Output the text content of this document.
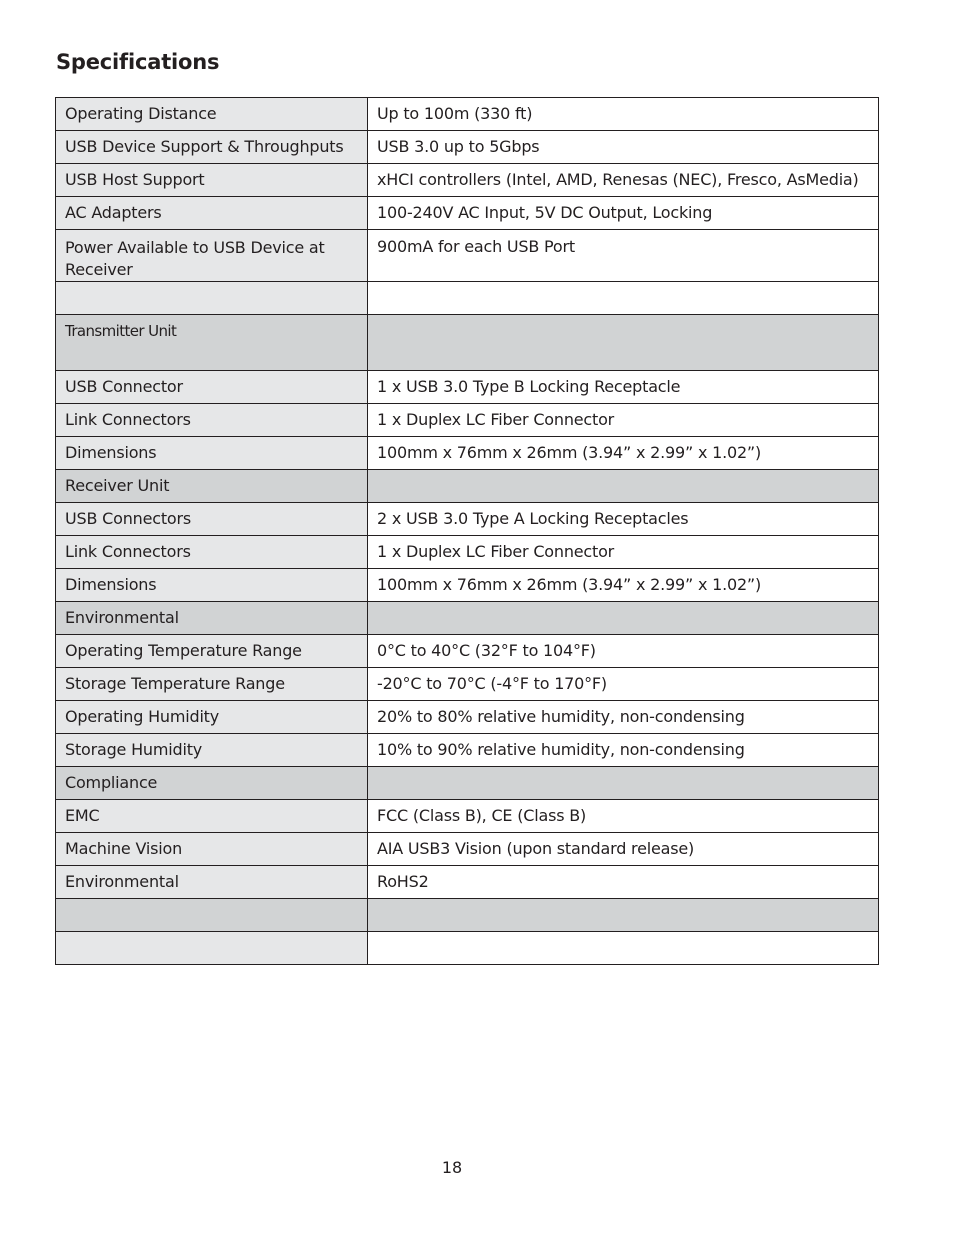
Specifications
Operating Distance	Up to 100m (330 ft)
USB Device Support & Throughputs	USB 3.0 up to 5Gbps
USB Host Support	xHCI controllers (Intel, AMD, Renesas (NEC), Fresco, AsMedia)
AC Adapters	100-240V AC Input, 5V DC Output, Locking
Power Available to USB Device at Receiver	900mA for each USB Port

Transmitter Unit	
USB Connector	1 x USB 3.0 Type B Locking Receptacle
Link Connectors	1 x Duplex LC Fiber Connector
Dimensions	100mm x 76mm x 26mm (3.94” x 2.99” x 1.02”)
Receiver Unit	
USB Connectors	2 x USB 3.0 Type A Locking Receptacles
Link Connectors	1 x Duplex LC Fiber Connector
Dimensions	100mm x 76mm x 26mm (3.94” x 2.99” x 1.02”)
Environmental	
Operating Temperature Range	0°C to 40°C (32°F to 104°F)
Storage Temperature Range	-20°C to 70°C (-4°F to 170°F)
Operating Humidity	20% to 80% relative humidity, non-condensing
Storage Humidity	10% to 90% relative humidity, non-condensing
Compliance	
EMC	FCC (Class B), CE (Class B)
Machine Vision	AIA USB3 Vision (upon standard release)
Environmental	RoHS2

18
